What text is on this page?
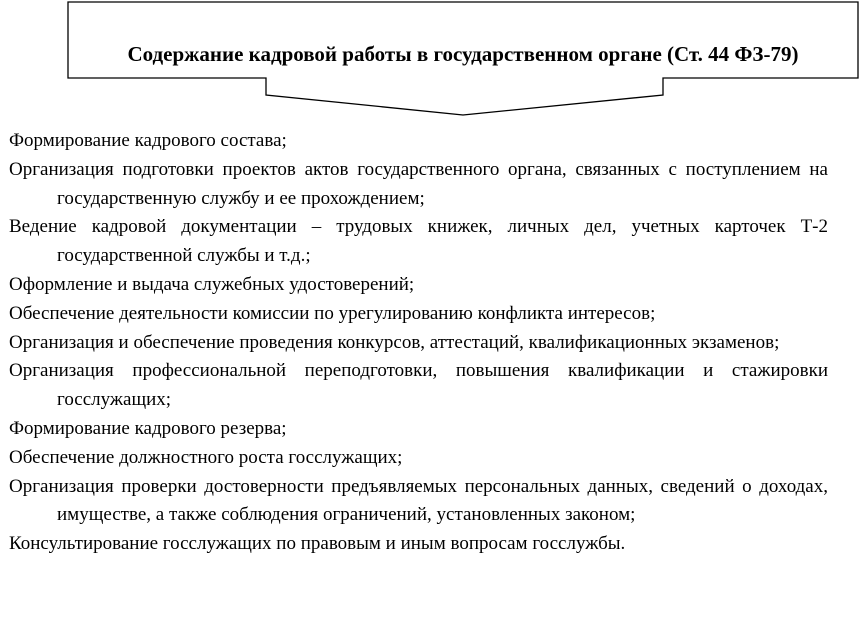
Содержание кадровой работы в государственном органе (Ст. 44 ФЗ-79)
Формирование кадрового состава;
Организация подготовки проектов актов государственного органа, связанных с поступлением на государственную службу и ее прохождением;
Ведение кадровой документации – трудовых книжек, личных дел, учетных карточек Т-2 государственной службы и т.д.;
Оформление и выдача служебных удостоверений;
Обеспечение деятельности комиссии по урегулированию конфликта интересов;
Организация и обеспечение проведения конкурсов, аттестаций, квалификационных экзаменов;
Организация профессиональной переподготовки, повышения квалификации и стажировки госслужащих;
Формирование кадрового резерва;
Обеспечение должностного роста госслужащих;
Организация проверки достоверности предъявляемых персональных данных, сведений о доходах, имуществе, а также соблюдения ограничений, установленных законом;
Консультирование госслужащих по правовым и иным вопросам госслужбы.
